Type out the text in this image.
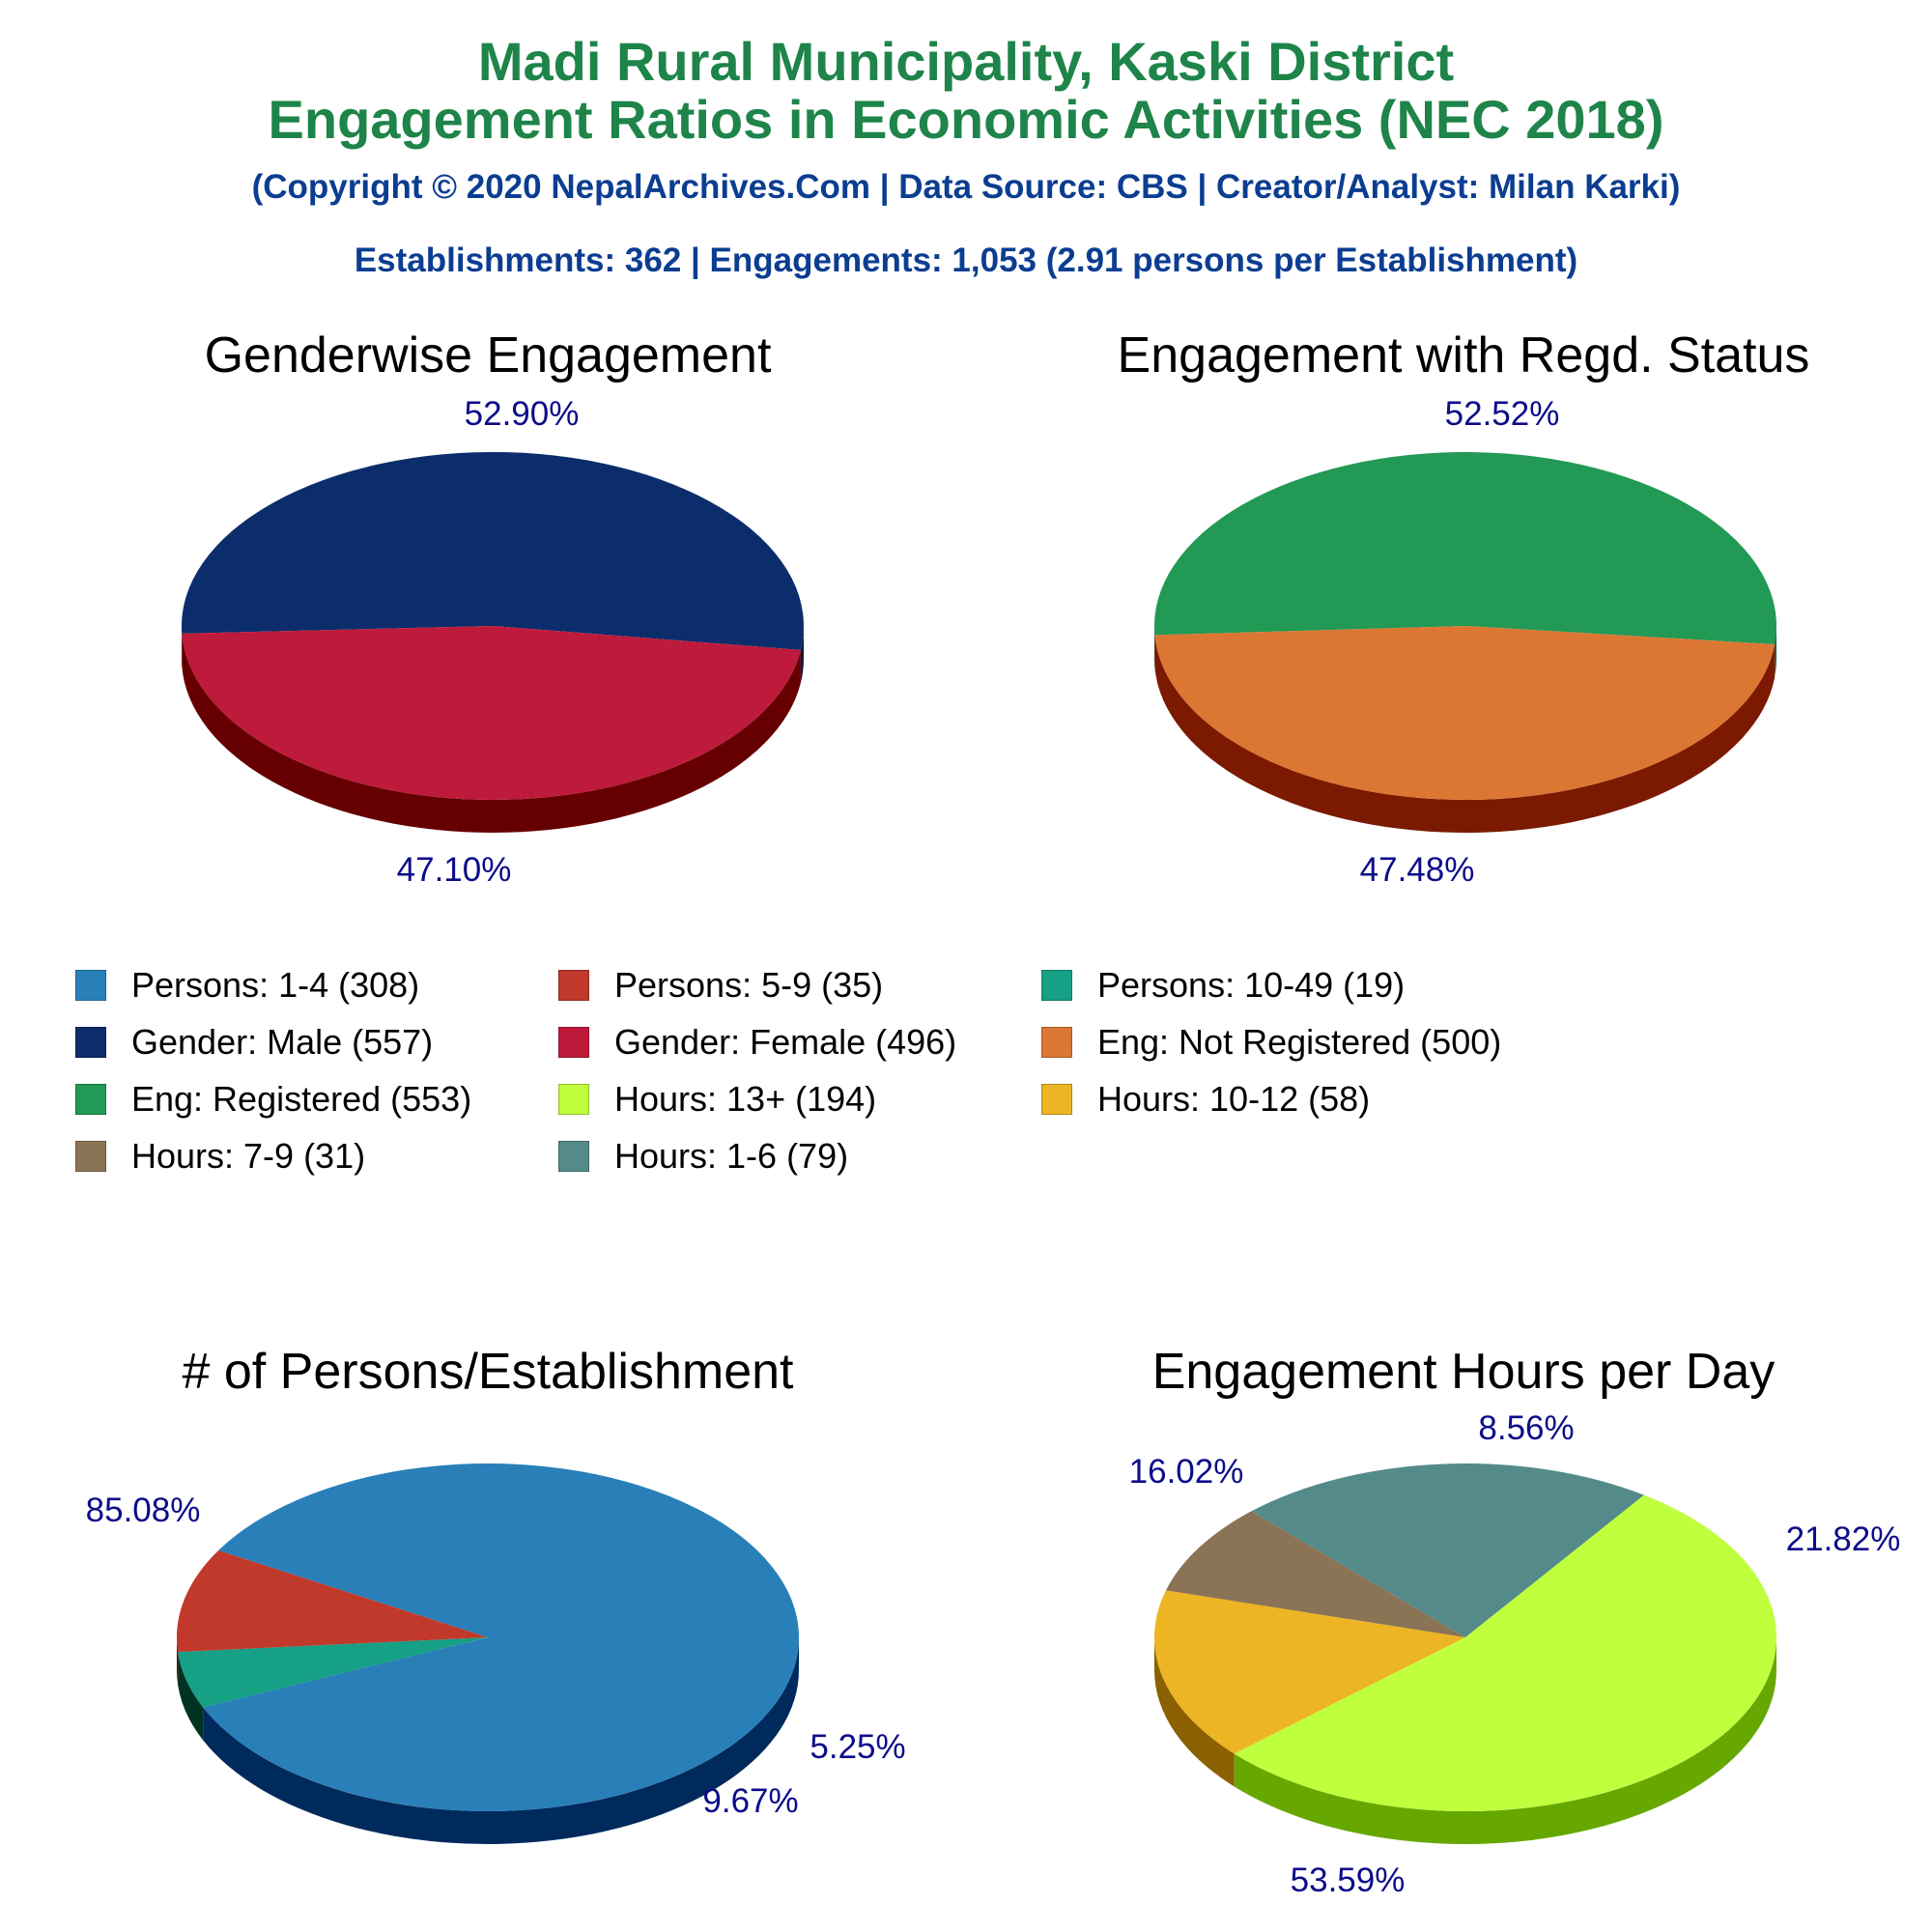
Madi Rural Municipality, Kaski District
Engagement Ratios in Economic Activities (NEC 2018)
(Copyright © 2020 NepalArchives.Com | Data Source: CBS | Creator/Analyst: Milan Karki)
Establishments: 362 | Engagements: 1,053 (2.91 persons per Establishment)
Genderwise Engagement	Engagement with Regd. Status
# of Persons/Establishment	Engagement Hours per Day
52.90%
47.10%
52.52%
47.48%
85.08%
5.25%
9.67%
16.02%
8.56%
21.82%
53.59%
Persons: 1-4 (308)	Persons: 5-9 (35)	Persons: 10-49 (19)
Gender: Male (557)	Gender: Female (496)	Eng: Not Registered (500)
Eng: Registered (553)	Hours: 13+ (194)	Hours: 10-12 (58)
Hours: 7-9 (31)	Hours: 1-6 (79)
